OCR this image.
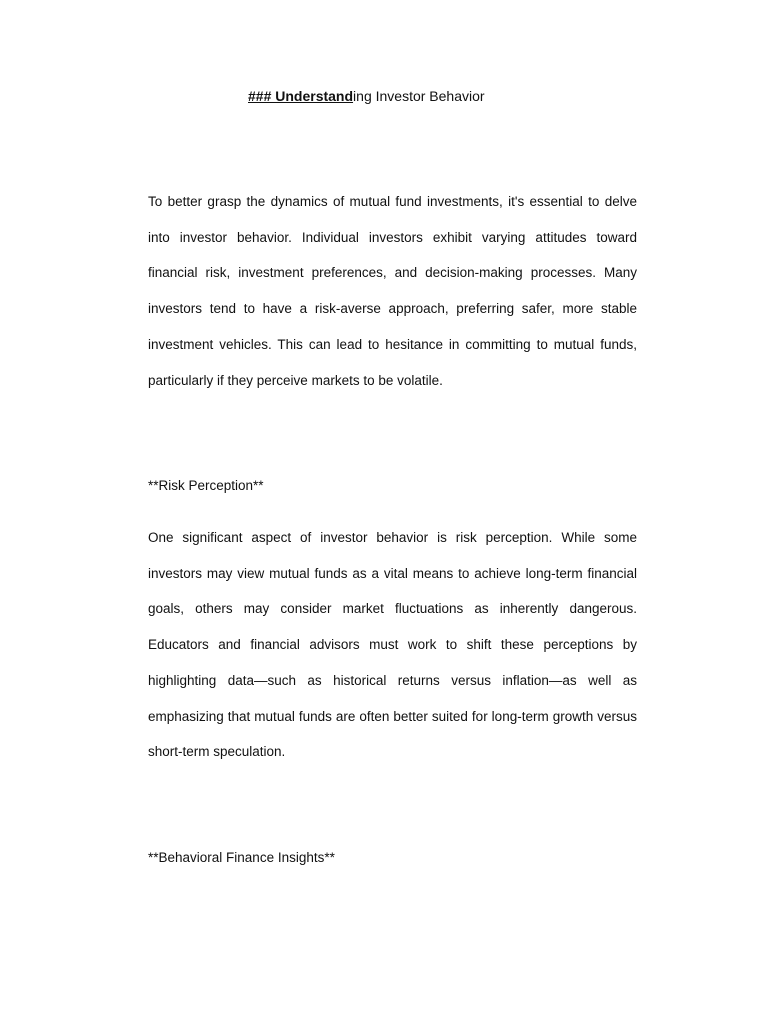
### Understanding Investor Behavior

To better grasp the dynamics of mutual fund investments, it's essential to delve into investor behavior. Individual investors exhibit varying attitudes toward financial risk, investment preferences, and decision-making processes. Many investors tend to have a risk-averse approach, preferring safer, more stable investment vehicles. This can lead to hesitance in committing to mutual funds, particularly if they perceive markets to be volatile.

**Risk Perception**

One significant aspect of investor behavior is risk perception. While some investors may view mutual funds as a vital means to achieve long-term financial goals, others may consider market fluctuations as inherently dangerous. Educators and financial advisors must work to shift these perceptions by highlighting data—such as historical returns versus inflation—as well as emphasizing that mutual funds are often better suited for long-term growth versus short-term speculation.

**Behavioral Finance Insights**
